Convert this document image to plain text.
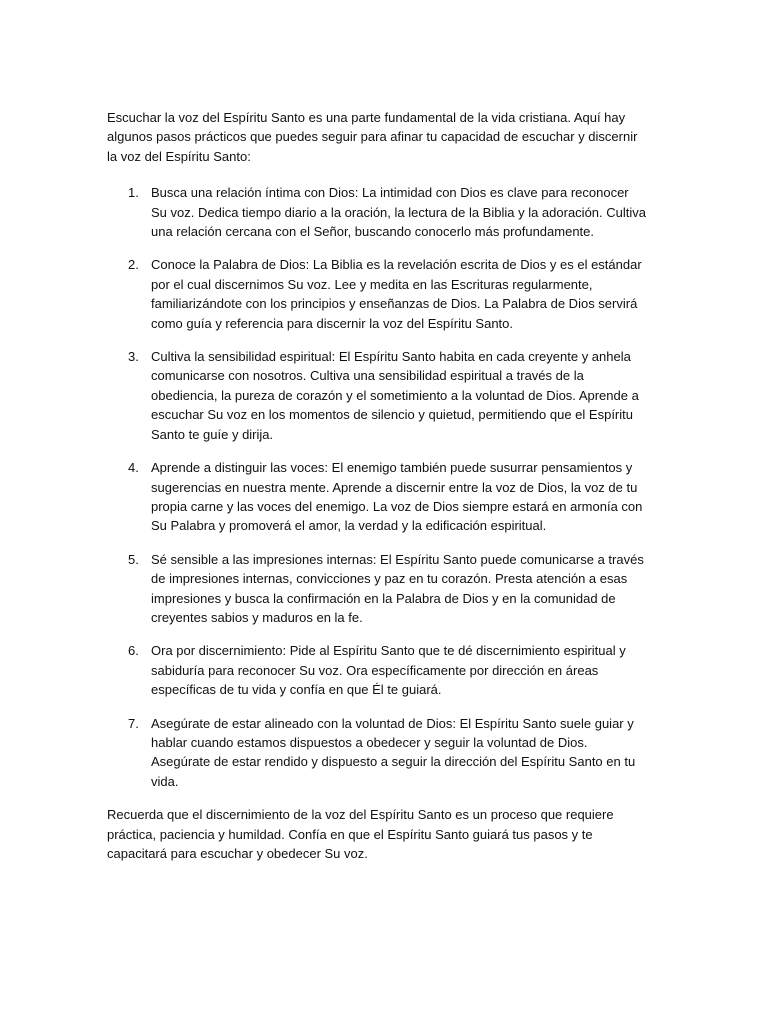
Escuchar la voz del Espíritu Santo es una parte fundamental de la vida cristiana. Aquí hay algunos pasos prácticos que puedes seguir para afinar tu capacidad de escuchar y discernir la voz del Espíritu Santo:

1. Busca una relación íntima con Dios: La intimidad con Dios es clave para reconocer Su voz. Dedica tiempo diario a la oración, la lectura de la Biblia y la adoración. Cultiva una relación cercana con el Señor, buscando conocerlo más profundamente.
2. Conoce la Palabra de Dios: La Biblia es la revelación escrita de Dios y es el estándar por el cual discernimos Su voz. Lee y medita en las Escrituras regularmente, familiarizándote con los principios y enseñanzas de Dios. La Palabra de Dios servirá como guía y referencia para discernir la voz del Espíritu Santo.
3. Cultiva la sensibilidad espiritual: El Espíritu Santo habita en cada creyente y anhela comunicarse con nosotros. Cultiva una sensibilidad espiritual a través de la obediencia, la pureza de corazón y el sometimiento a la voluntad de Dios. Aprende a escuchar Su voz en los momentos de silencio y quietud, permitiendo que el Espíritu Santo te guíe y dirija.
4. Aprende a distinguir las voces: El enemigo también puede susurrar pensamientos y sugerencias en nuestra mente. Aprende a discernir entre la voz de Dios, la voz de tu propia carne y las voces del enemigo. La voz de Dios siempre estará en armonía con Su Palabra y promoverá el amor, la verdad y la edificación espiritual.
5. Sé sensible a las impresiones internas: El Espíritu Santo puede comunicarse a través de impresiones internas, convicciones y paz en tu corazón. Presta atención a esas impresiones y busca la confirmación en la Palabra de Dios y en la comunidad de creyentes sabios y maduros en la fe.
6. Ora por discernimiento: Pide al Espíritu Santo que te dé discernimiento espiritual y sabiduría para reconocer Su voz. Ora específicamente por dirección en áreas específicas de tu vida y confía en que Él te guiará.
7. Asegúrate de estar alineado con la voluntad de Dios: El Espíritu Santo suele guiar y hablar cuando estamos dispuestos a obedecer y seguir la voluntad de Dios. Asegúrate de estar rendido y dispuesto a seguir la dirección del Espíritu Santo en tu vida.

Recuerda que el discernimiento de la voz del Espíritu Santo es un proceso que requiere práctica, paciencia y humildad. Confía en que el Espíritu Santo guiará tus pasos y te capacitará para escuchar y obedecer Su voz.
